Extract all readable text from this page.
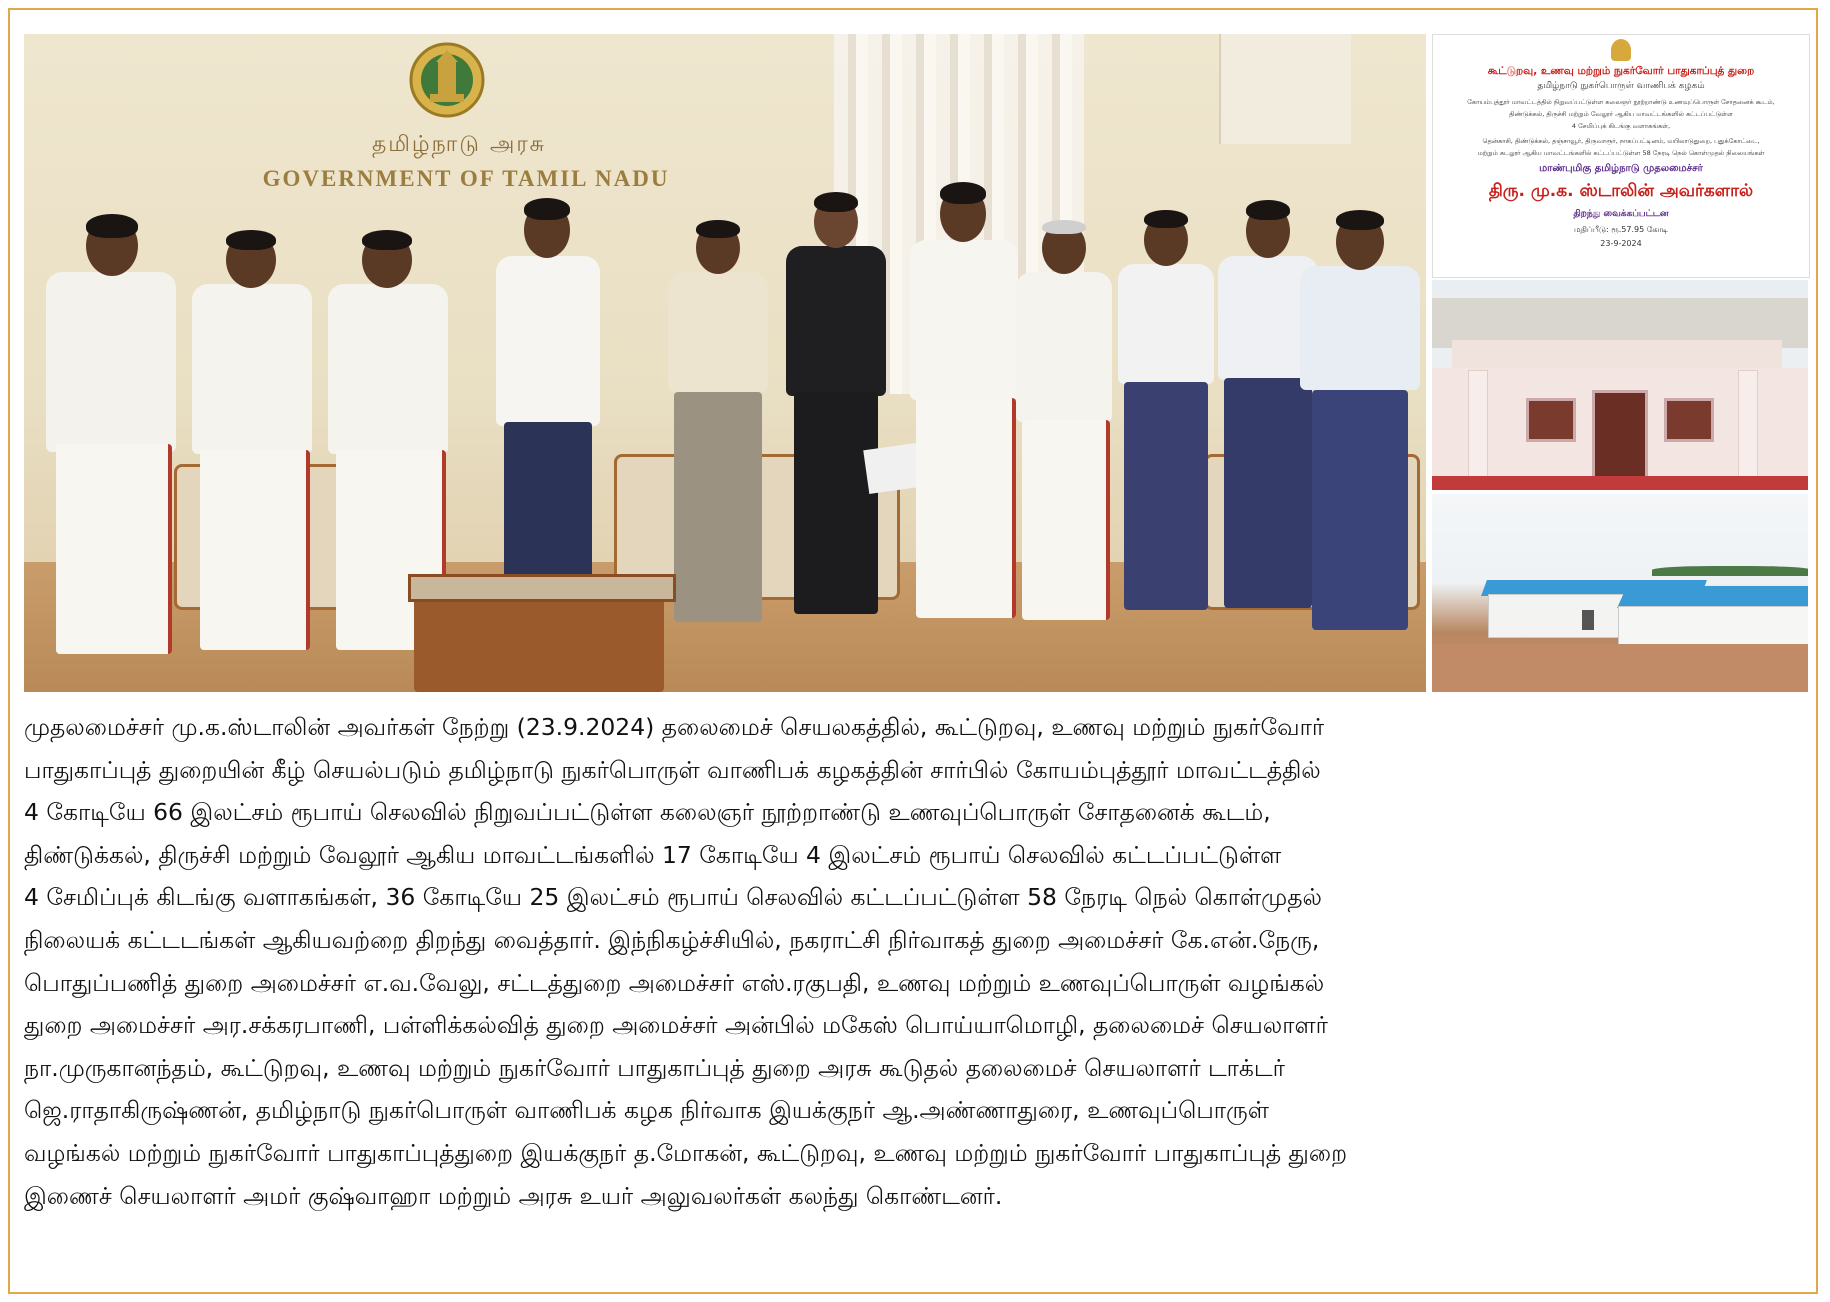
தமிழ்நாடு அரசு
GOVERNMENT OF TAMIL NADU
கூட்டுறவு, உணவு மற்றும் நுகர்வோர் பாதுகாப்புத் துறை
தமிழ்நாடு நுகர்பொருள் வாணிபக் கழகம்
கோயம்புத்தூர் மாவட்டத்தில் நிறுவப்பட்டுள்ள கலைஞர் நூற்றாண்டு உணவுப்பொருள் சோதனைக் கூடம்,
திண்டுக்கல், திருச்சி மற்றும் வேலூர் ஆகிய மாவட்டங்களில் கட்டப்பட்டுள்ள
4 சேமிப்புக் கிடங்கு வளாகங்கள்,
தென்காசி, திண்டுக்கல், தஞ்சாவூர், திருவாரூர், நாகப்பட்டினம், மயிலாடுதுறை, புதுக்கோட்டை,
மற்றும் கடலூர் ஆகிய மாவட்டங்களில் கட்டப்பட்டுள்ள 58 நேரடி நெல் கொள்முதல் நிலையங்கள்
மாண்புமிகு தமிழ்நாடு முதலமைச்சர்
திரு. மு.க. ஸ்டாலின் அவர்களால்
திறந்து வைக்கப்பட்டன
மதிப்பீடு: ரூ.57.95 கோடி
23-9-2024

முதலமைச்சர் மு.க.ஸ்டாலின் அவர்கள் நேற்று (23.9.2024) தலைமைச் செயலகத்தில், கூட்டுறவு, உணவு மற்றும் நுகர்வோர்

பாதுகாப்புத் துறையின் கீழ் செயல்படும் தமிழ்நாடு நுகர்பொருள் வாணிபக் கழகத்தின் சார்பில் கோயம்புத்தூர் மாவட்டத்தில்

4 கோடியே 66 இலட்சம் ரூபாய் செலவில் நிறுவப்பட்டுள்ள கலைஞர் நூற்றாண்டு உணவுப்பொருள் சோதனைக் கூடம்,

திண்டுக்கல், திருச்சி மற்றும் வேலூர் ஆகிய மாவட்டங்களில் 17 கோடியே 4 இலட்சம் ரூபாய் செலவில் கட்டப்பட்டுள்ள

4 சேமிப்புக் கிடங்கு வளாகங்கள், 36 கோடியே 25 இலட்சம் ரூபாய் செலவில் கட்டப்பட்டுள்ள 58 நேரடி நெல் கொள்முதல்

நிலையக் கட்டடங்கள் ஆகியவற்றை திறந்து வைத்தார். இந்நிகழ்ச்சியில், நகராட்சி நிர்வாகத் துறை அமைச்சர் கே.என்.நேரு,

பொதுப்பணித் துறை அமைச்சர் எ.வ.வேலு, சட்டத்துறை அமைச்சர் எஸ்.ரகுபதி, உணவு மற்றும் உணவுப்பொருள் வழங்கல்

துறை அமைச்சர் அர.சக்கரபாணி, பள்ளிக்கல்வித் துறை அமைச்சர் அன்பில் மகேஸ் பொய்யாமொழி, தலைமைச் செயலாளர்

நா.முருகானந்தம், கூட்டுறவு, உணவு மற்றும் நுகர்வோர் பாதுகாப்புத் துறை அரசு கூடுதல் தலைமைச் செயலாளர் டாக்டர்

ஜெ.ராதாகிருஷ்ணன், தமிழ்நாடு நுகர்பொருள் வாணிபக் கழக நிர்வாக இயக்குநர் ஆ.அண்ணாதுரை, உணவுப்பொருள்

வழங்கல் மற்றும் நுகர்வோர் பாதுகாப்புத்துறை இயக்குநர் த.மோகன், கூட்டுறவு, உணவு மற்றும் நுகர்வோர் பாதுகாப்புத் துறை

இணைச் செயலாளர் அமர் குஷ்வாஹா மற்றும் அரசு உயர் அலுவலர்கள் கலந்து கொண்டனர்.
